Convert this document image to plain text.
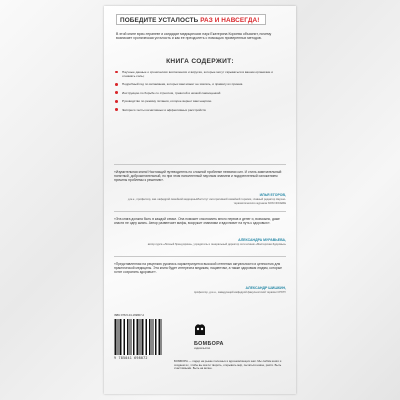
ПОБЕДИТЕ УСТАЛОСТЬ РАЗ И НАВСЕГДА!
В этой книге врач-терапевт и кандидат медицинских наук Екатерина Корсева объяснит, почему возникает хроническая усталость и как ее преодолеть с помощью проверенных методов.
КНИГА СОДЕРЖИТ:
Научные данные о хронических воспалениях и вирусах, которые могут скрываться в вашем организме и отнимать силы;
Подробный гид по витаминам, которых вам может не хватать, и правилу их приема
Инструкцию по борьбе со стрессом, тревогой и низкой самооценкой
Руководство по режиму питания, которое вернет вам энергию
Экспресс-тесты когнитивных и аффективных расстройств
«Изумительная книга! Настоящий путеводитель по сложной проблеме нехватки сил. И стиль замечательный: понятный, доброжелательный, но при этом наполненный научным знанием и подкрепленный изложением причины проблемы к решению».
ИЛЬЯ ЕГОРОВ,
д.м.н., профессор, зав. кафедрой семейной медицины/Институт интегративной семейной терапии, главный редактор Научно-терапевтического журнала NON NOCERE
«Эта книга должна быть в каждой семье. Она поможет сэкономить много нервов и денег и, возможно, даже спасти не одну жизнь. Автор развенчает мифы, вооружит знаниями и вдохновит на путь к здоровью».
АЛЕКСАНДРА МУРАВЬЕВА,
автор курса «Личный бренд врача», учредитель и генеральный директор сети клиник «Мастерская Здоровья»
«Представленная на рецензию рукопись характеризуется высокой степенью актуальности и ценностью для практической медицины. Эта книга будет интересна медикам, пациентам, а также здоровым людям, которые хотят сохранить здоровье».
АЛЕКСАНДР ШИШКИН,
профессор, д.м.н., заведующий кафедрой факультетской терапии СПбГУ
ISBN 978-5-04-169807-2
9 785041 698072
БОМБОРА
издательство
БОМБОРА — лидер на рынке полезных и вдохновляющих книг. Мы любим книги и создаем их, чтобы вы могли творить, открывать мир, пытаться новое, расти. Быть счастливыми. Быть на волне.
